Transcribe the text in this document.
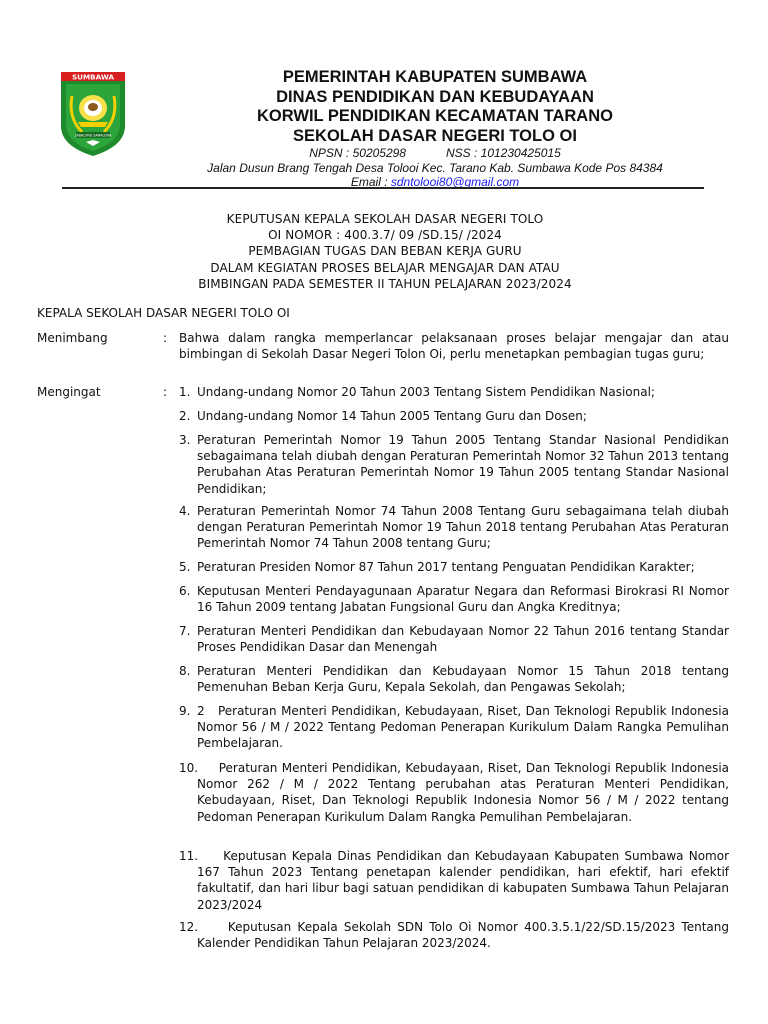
SUMBAWA
SABALONG SAMALEWA
PEMERINTAH KABUPATEN SUMBAWA
DINAS PENDIDIKAN DAN KEBUDAYAAN
KORWIL PENDIDIKAN KECAMATAN TARANO
SEKOLAH DASAR NEGERI TOLO OI
NPSN : 50205298	NSS : 101230425015
Jalan Dusun Brang Tengah Desa Tolooi Kec. Tarano Kab. Sumbawa Kode Pos 84384
Email : sdntolooi80@gmail.com
KEPUTUSAN KEPALA SEKOLAH DASAR NEGERI TOLO
OI NOMOR : 400.3.7/ 09 /SD.15/ /2024
PEMBAGIAN TUGAS DAN BEBAN KERJA GURU
DALAM KEGIATAN PROSES BELAJAR MENGAJAR DAN ATAU
BIMBINGAN PADA SEMESTER II TAHUN PELAJARAN 2023/2024
KEPALA SEKOLAH DASAR NEGERI TOLO OI
Menimbang	: Bahwa dalam rangka memperlancar pelaksanaan proses belajar mengajar dan atau bimbingan di Sekolah Dasar Negeri Tolon Oi, perlu menetapkan pembagian tugas guru;
Mengingat	: 1. Undang-undang Nomor 20 Tahun 2003 Tentang Sistem Pendidikan Nasional;
2. Undang-undang Nomor 14 Tahun 2005 Tentang Guru dan Dosen;
3. Peraturan Pemerintah Nomor 19 Tahun 2005 Tentang Standar Nasional Pendidikan sebagaimana telah diubah dengan Peraturan Pemerintah Nomor 32 Tahun 2013 tentang Perubahan Atas Peraturan Pemerintah Nomor 19 Tahun 2005 tentang Standar Nasional Pendidikan;
4. Peraturan Pemerintah Nomor 74 Tahun 2008 Tentang Guru sebagaimana telah diubah dengan Peraturan Pemerintah Nomor 19 Tahun 2018 tentang Perubahan Atas Peraturan Pemerintah Nomor 74 Tahun 2008 tentang Guru;
5. Peraturan Presiden Nomor 87 Tahun 2017 tentang Penguatan Pendidikan Karakter;
6. Keputusan Menteri Pendayagunaan Aparatur Negara dan Reformasi Birokrasi RI Nomor 16 Tahun 2009 tentang Jabatan Fungsional Guru dan Angka Kreditnya;
7. Peraturan Menteri Pendidikan dan Kebudayaan Nomor 22 Tahun 2016 tentang Standar Proses Pendidikan Dasar dan Menengah
8. Peraturan Menteri Pendidikan dan Kebudayaan Nomor 15 Tahun 2018 tentang Pemenuhan Beban Kerja Guru, Kepala Sekolah, dan Pengawas Sekolah;
9. 2   Peraturan Menteri Pendidikan, Kebudayaan, Riset, Dan Teknologi Republik Indonesia Nomor 56 / M / 2022 Tentang Pedoman Penerapan Kurikulum Dalam Rangka Pemulihan Pembelajaran.
10.
Peraturan Menteri Pendidikan, Kebudayaan, Riset, Dan Teknologi Republik Indonesia Nomor 262 / M / 2022 Tentang perubahan atas Peraturan Menteri Pendidikan, Kebudayaan, Riset, Dan Teknologi Republik Indonesia Nomor 56 / M / 2022 tentang Pedoman Penerapan Kurikulum Dalam Rangka Pemulihan Pembelajaran.
11.
Keputusan Kepala Dinas Pendidikan dan Kebudayaan Kabupaten Sumbawa Nomor 167 Tahun 2023 Tentang penetapan kalender pendidikan, hari efektif, hari efektif fakultatif, dan hari libur bagi satuan pendidikan di kabupaten Sumbawa Tahun Pelajaran 2023/2024
12.
Keputusan Kepala Sekolah SDN Tolo Oi Nomor 400.3.5.1/22/SD.15/2023 Tentang Kalender Pendidikan Tahun Pelajaran 2023/2024.
